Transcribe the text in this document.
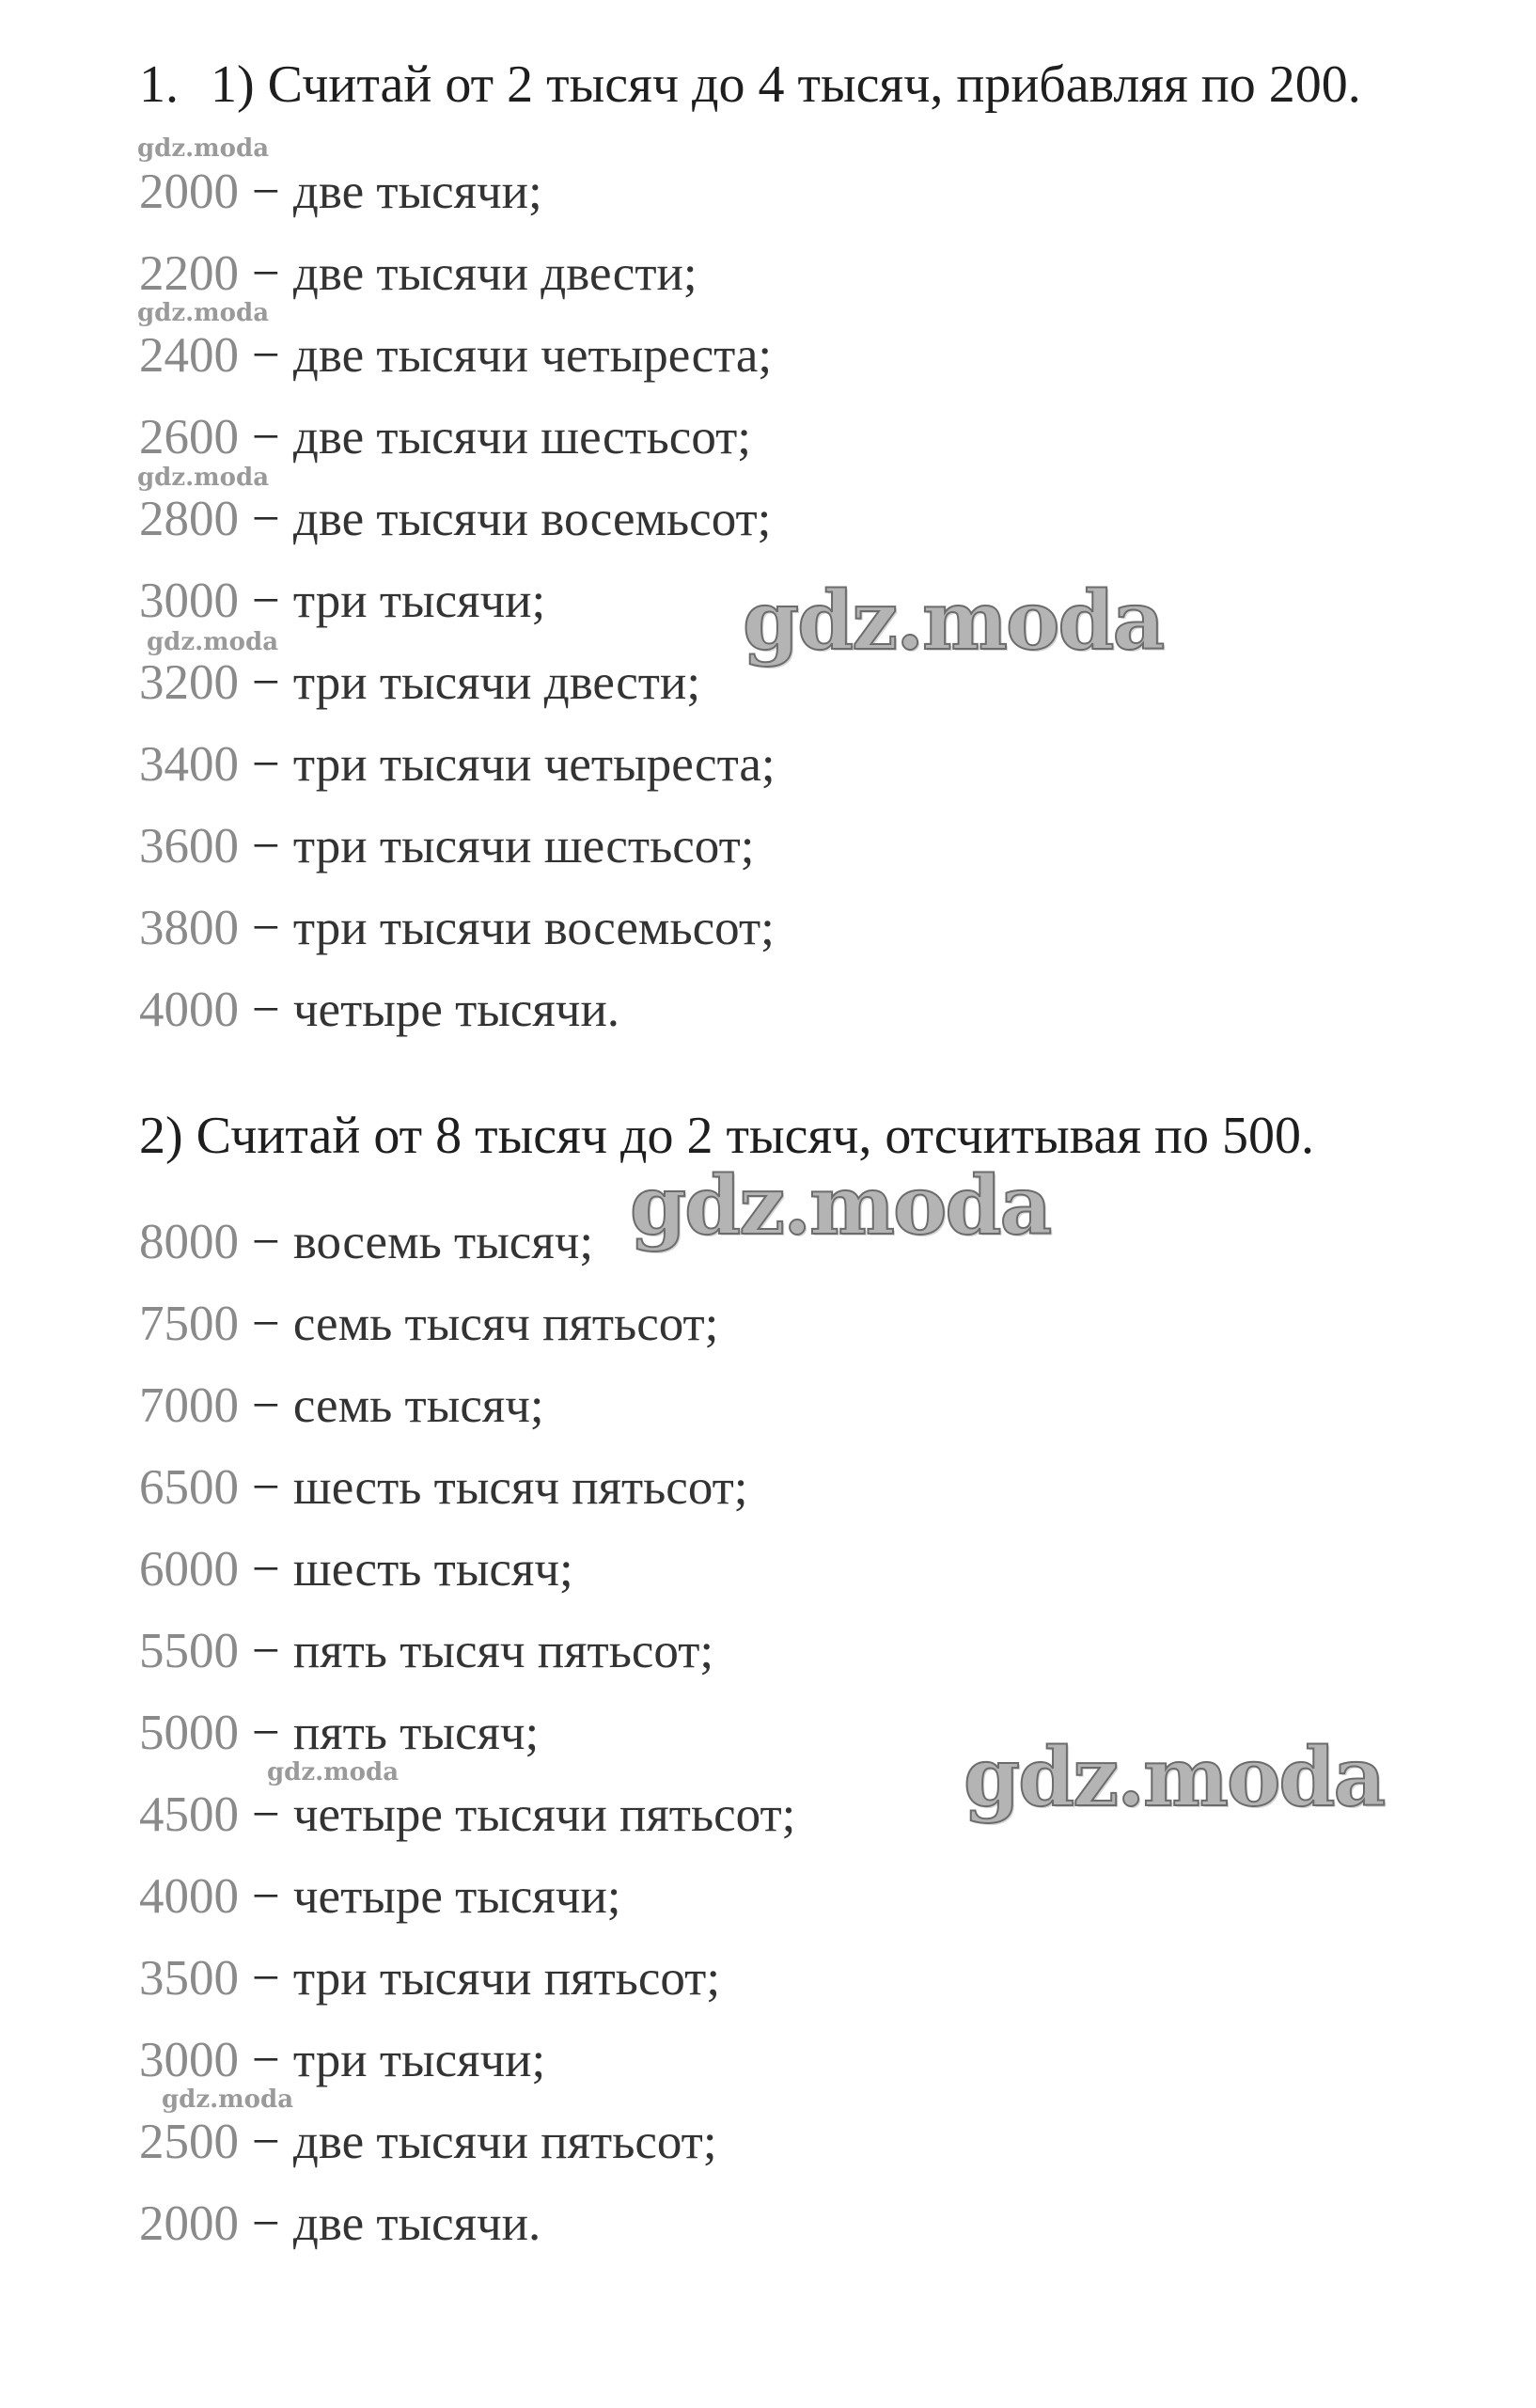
1. 1) Считай от 2 тысяч до 4 тысяч, прибавляя по 200.
2000 − две тысячи;
2200 − две тысячи двести;
2400 − две тысячи четыреста;
2600 − две тысячи шестьсот;
2800 − две тысячи восемьсот;
3000 − три тысячи;
3200 − три тысячи двести;
3400 − три тысячи четыреста;
3600 − три тысячи шестьсот;
3800 − три тысячи восемьсот;
4000 − четыре тысячи.
2) Считай от 8 тысяч до 2 тысяч, отсчитывая по 500.
8000 − восемь тысяч;
7500 − семь тысяч пятьсот;
7000 − семь тысяч;
6500 − шесть тысяч пятьсот;
6000 − шесть тысяч;
5500 − пять тысяч пятьсот;
5000 − пять тысяч;
4500 − четыре тысячи пятьсот;
4000 − четыре тысячи;
3500 − три тысячи пятьсот;
3000 − три тысячи;
2500 − две тысячи пятьсот;
2000 − две тысячи.
gdz.moda
gdz.moda
gdz.moda
gdz.moda
gdz.moda
gdz.moda
gdz.moda
gdz.moda
gdz.moda
